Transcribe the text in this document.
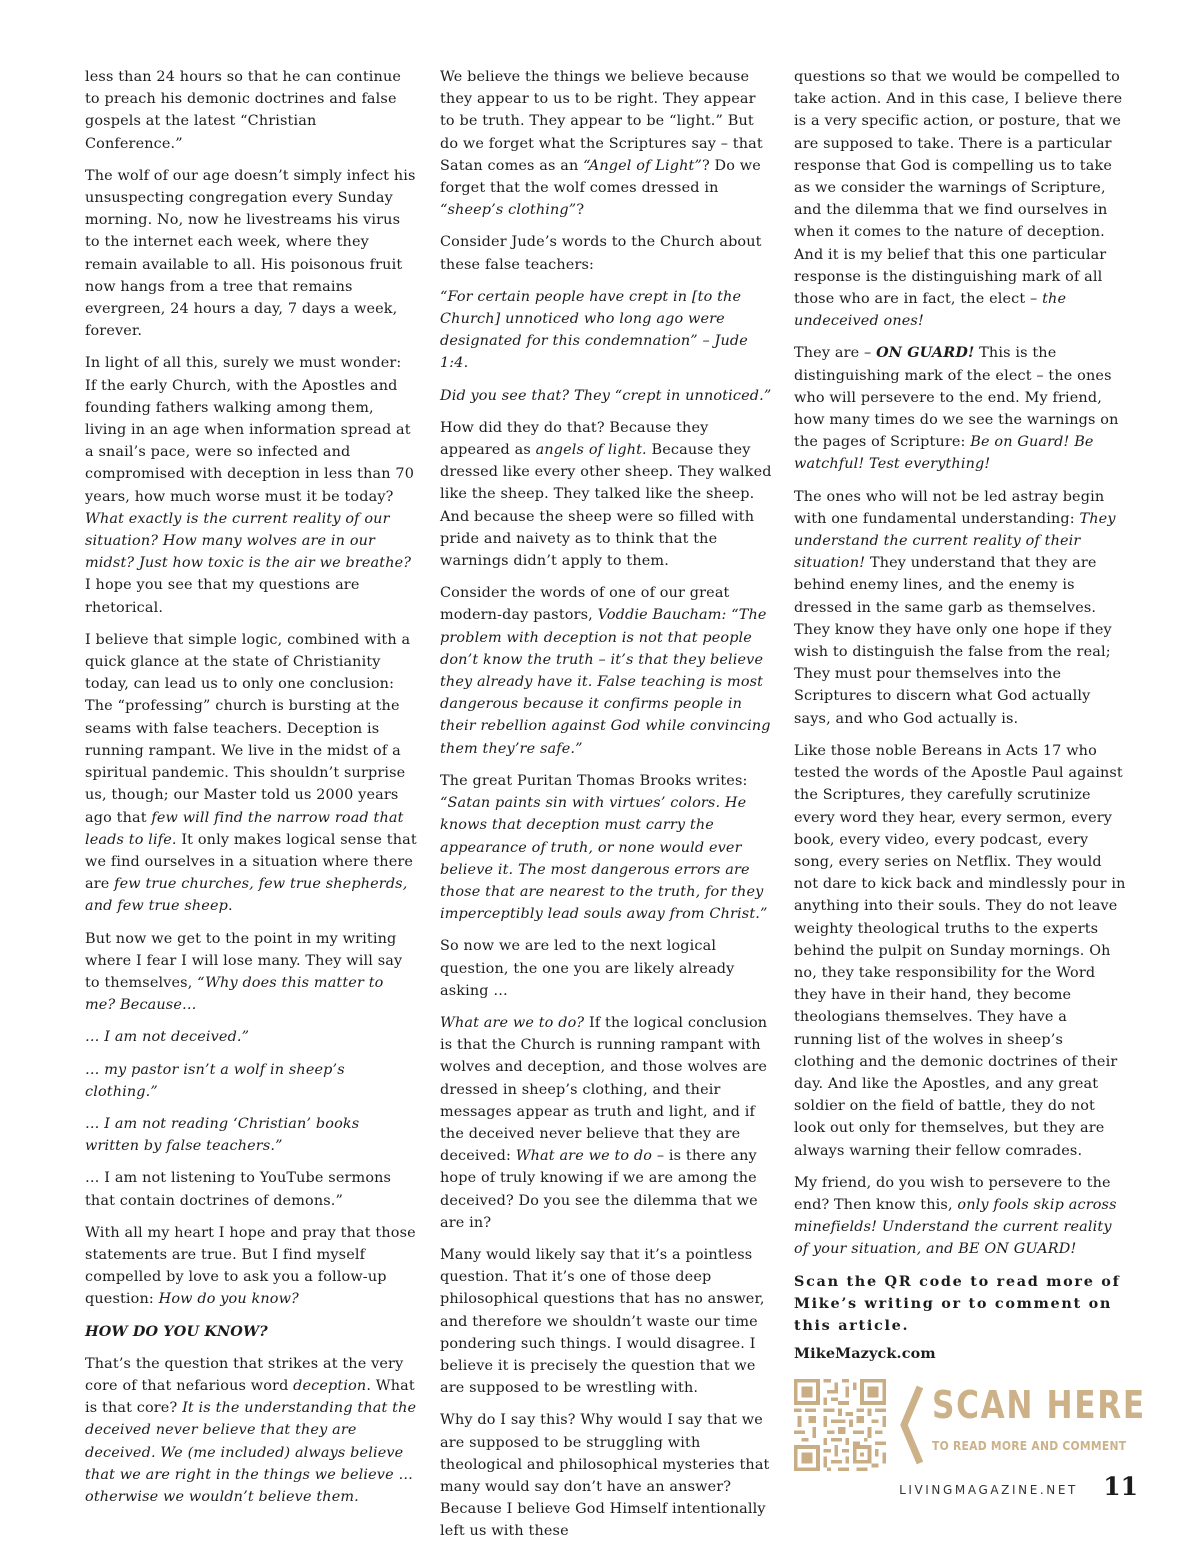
less than 24 hours so that he can continue to preach his demonic doctrines and false gospels at the latest “Christian Conference.”

The wolf of our age doesn’t simply infect his unsuspecting congregation every Sunday morning. No, now he livestreams his virus to the internet each week, where they remain available to all. His poisonous fruit now hangs from a tree that remains evergreen, 24 hours a day, 7 days a week, forever.

In light of all this, surely we must wonder: If the early Church, with the Apostles and founding fathers walking among them, living in an age when information spread at a snail’s pace, were so infected and compromised with deception in less than 70 years, how much worse must it be today? What exactly is the current reality of our situation? How many wolves are in our midst? Just how toxic is the air we breathe? I hope you see that my questions are rhetorical.

I believe that simple logic, combined with a quick glance at the state of Christianity today, can lead us to only one conclusion: The “professing” church is bursting at the seams with false teachers. Deception is running rampant. We live in the midst of a spiritual pandemic. This shouldn’t surprise us, though; our Master told us 2000 years ago that few will find the narrow road that leads to life. It only makes logical sense that we find ourselves in a situation where there are few true churches, few true shepherds, and few true sheep.

But now we get to the point in my writing where I fear I will lose many. They will say to themselves, “Why does this matter to me? Because…

… I am not deceived.”

… my pastor isn’t a wolf in sheep’s clothing.”

… I am not reading ‘Christian’ books written by false teachers.”

… I am not listening to YouTube sermons that contain doctrines of demons.”

With all my heart I hope and pray that those statements are true. But I find myself compelled by love to ask you a follow-up question: How do you know?

HOW DO YOU KNOW?

That’s the question that strikes at the very core of that nefarious word deception. What is that core? It is the understanding that the deceived never believe that they are deceived. We (me included) always believe that we are right in the things we believe … otherwise we wouldn’t believe them.

We believe the things we believe because they appear to us to be right. They appear to be truth. They appear to be “light.” But do we forget what the Scriptures say – that Satan comes as an “Angel of Light”? Do we forget that the wolf comes dressed in “sheep’s clothing”?

Consider Jude’s words to the Church about these false teachers:

“For certain people have crept in [to the Church] unnoticed who long ago were designated for this condemnation” – Jude 1:4.

Did you see that? They “crept in unnoticed.”

How did they do that? Because they appeared as angels of light. Because they dressed like every other sheep. They walked like the sheep. They talked like the sheep. And because the sheep were so filled with pride and naivety as to think that the warnings didn’t apply to them.

Consider the words of one of our great modern-day pastors, Voddie Baucham: “The problem with deception is not that people don’t know the truth – it’s that they believe they already have it. False teaching is most dangerous because it confirms people in their rebellion against God while convincing them they’re safe.”

The great Puritan Thomas Brooks writes: “Satan paints sin with virtues’ colors. He knows that deception must carry the appearance of truth, or none would ever believe it. The most dangerous errors are those that are nearest to the truth, for they imperceptibly lead souls away from Christ.”

So now we are led to the next logical question, the one you are likely already asking …

What are we to do? If the logical conclusion is that the Church is running rampant with wolves and deception, and those wolves are dressed in sheep’s clothing, and their messages appear as truth and light, and if the deceived never believe that they are deceived: What are we to do – is there any hope of truly knowing if we are among the deceived? Do you see the dilemma that we are in?

Many would likely say that it’s a pointless question. That it’s one of those deep philosophical questions that has no answer, and therefore we shouldn’t waste our time pondering such things. I would disagree. I believe it is precisely the question that we are supposed to be wrestling with.

Why do I say this? Why would I say that we are supposed to be struggling with theological and philosophical mysteries that many would say don’t have an answer? Because I believe God Himself intentionally left us with these

questions so that we would be compelled to take action. And in this case, I believe there is a very specific action, or posture, that we are supposed to take. There is a particular response that God is compelling us to take as we consider the warnings of Scripture, and the dilemma that we find ourselves in when it comes to the nature of deception. And it is my belief that this one particular response is the distinguishing mark of all those who are in fact, the elect – the undeceived ones!

They are – ON GUARD! This is the distinguishing mark of the elect – the ones who will persevere to the end. My friend, how many times do we see the warnings on the pages of Scripture: Be on Guard! Be watchful! Test everything!

The ones who will not be led astray begin with one fundamental understanding: They understand the current reality of their situation! They understand that they are behind enemy lines, and the enemy is dressed in the same garb as themselves. They know they have only one hope if they wish to distinguish the false from the real; They must pour themselves into the Scriptures to discern what God actually says, and who God actually is.

Like those noble Bereans in Acts 17 who tested the words of the Apostle Paul against the Scriptures, they carefully scrutinize every word they hear, every sermon, every book, every video, every podcast, every song, every series on Netflix. They would not dare to kick back and mindlessly pour in anything into their souls. They do not leave weighty theological truths to the experts behind the pulpit on Sunday mornings. Oh no, they take responsibility for the Word they have in their hand, they become theologians themselves. They have a running list of the wolves in sheep’s clothing and the demonic doctrines of their day. And like the Apostles, and any great soldier on the field of battle, they do not look out only for themselves, but they are always warning their fellow comrades.

My friend, do you wish to persevere to the end? Then know this, only fools skip across minefields! Understand the current reality of your situation, and BE ON GUARD!

Scan the QR code to read more of Mike’s writing or to comment on this article.

MikeMazyck.com

SCAN HERE
TO READ MORE AND COMMENT
LIVINGMAGAZINE.NET 11
